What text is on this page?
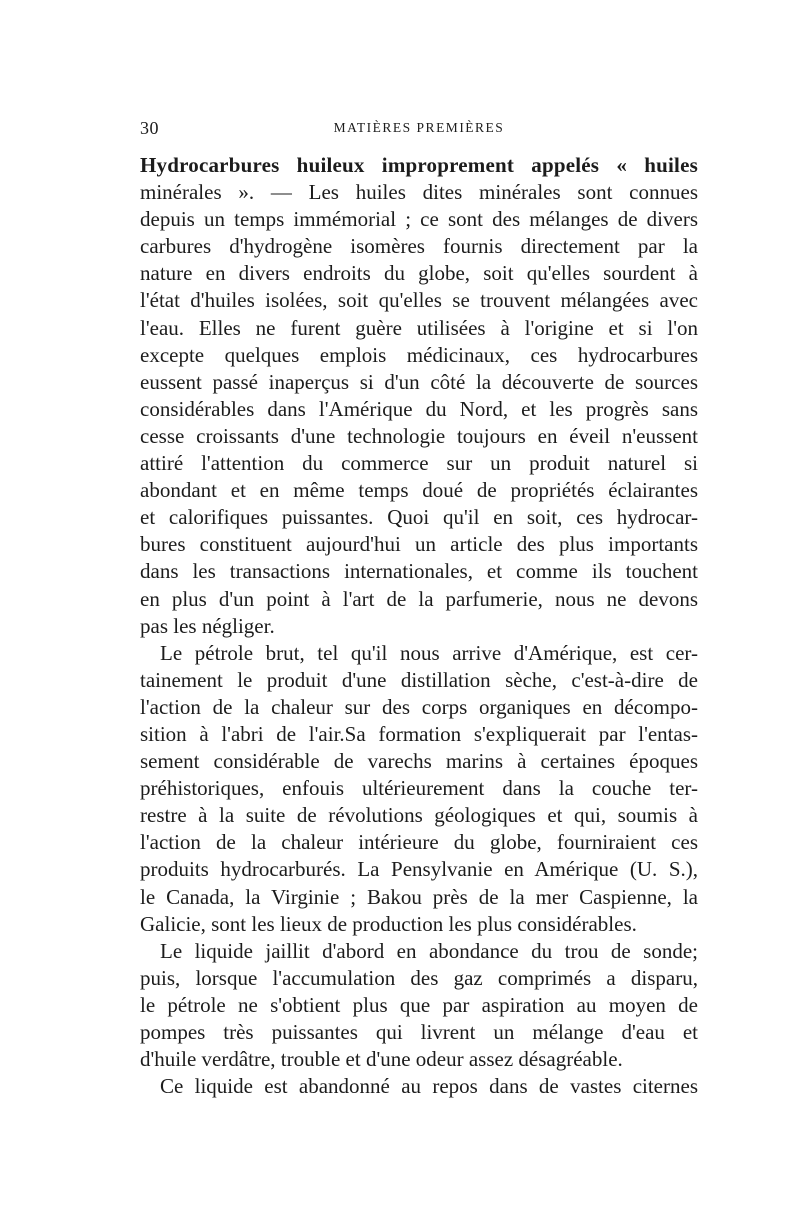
30	MATIÈRES PREMIÈRES
Hydrocarbures huileux improprement appelés « huiles
minérales ». — Les huiles dites minérales sont connues
depuis un temps immémorial ; ce sont des mélanges de divers
carbures d'hydrogène isomères fournis directement par la
nature en divers endroits du globe, soit qu'elles sourdent à
l'état d'huiles isolées, soit qu'elles se trouvent mélangées avec
l'eau. Elles ne furent guère utilisées à l'origine et si l'on
excepte quelques emplois médicinaux, ces hydrocarbures
eussent passé inaperçus si d'un côté la découverte de sources
considérables dans l'Amérique du Nord, et les progrès sans
cesse croissants d'une technologie toujours en éveil n'eussent
attiré l'attention du commerce sur un produit naturel si
abondant et en même temps doué de propriétés éclairantes
et calorifiques puissantes. Quoi qu'il en soit, ces hydrocar-
bures constituent aujourd'hui un article des plus importants
dans les transactions internationales, et comme ils touchent
en plus d'un point à l'art de la parfumerie, nous ne devons
pas les négliger.
Le pétrole brut, tel qu'il nous arrive d'Amérique, est cer-
tainement le produit d'une distillation sèche, c'est-à-dire de
l'action de la chaleur sur des corps organiques en décompo-
sition à l'abri de l'air.Sa formation s'expliquerait par l'entas-
sement considérable de varechs marins à certaines époques
préhistoriques, enfouis ultérieurement dans la couche ter-
restre à la suite de révolutions géologiques et qui, soumis à
l'action de la chaleur intérieure du globe, fourniraient ces
produits hydrocarburés. La Pensylvanie en Amérique (U. S.),
le Canada, la Virginie ; Bakou près de la mer Caspienne, la
Galicie, sont les lieux de production les plus considérables.
Le liquide jaillit d'abord en abondance du trou de sonde;
puis, lorsque l'accumulation des gaz comprimés a disparu,
le pétrole ne s'obtient plus que par aspiration au moyen de
pompes très puissantes qui livrent un mélange d'eau et
d'huile verdâtre, trouble et d'une odeur assez désagréable.
Ce liquide est abandonné au repos dans de vastes citernes
